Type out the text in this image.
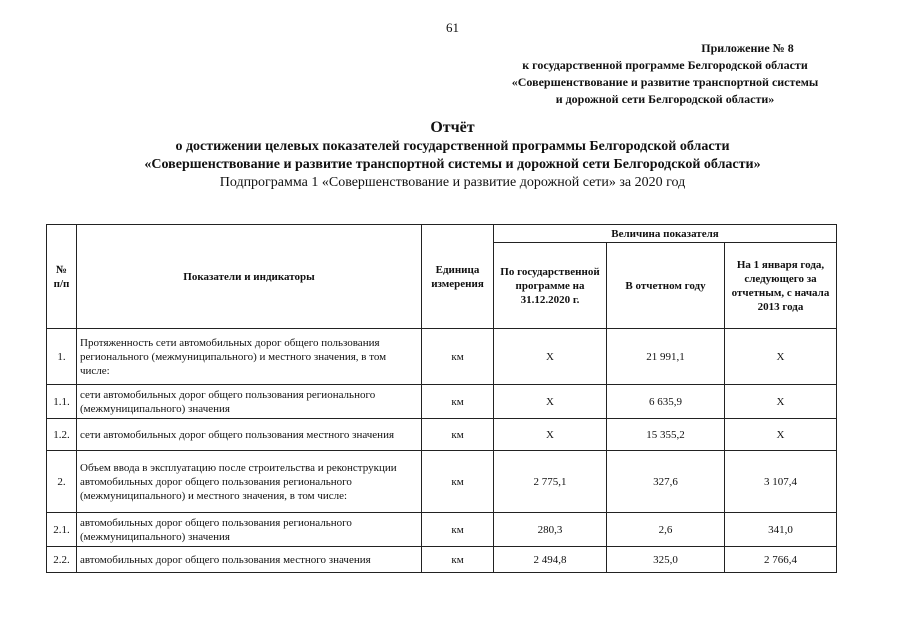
61
Приложение № 8
к государственной программе Белгородской области
«Совершенствование и развитие транспортной системы
и дорожной сети Белгородской области»
Отчёт
о достижении целевых показателей государственной программы Белгородской области
«Совершенствование и развитие транспортной системы и дорожной сети Белгородской области»
Подпрограмма 1 «Совершенствование и развитие дорожной сети» за 2020 год
№ п/п	Показатели и индикаторы	Единица измерения	Величина показателя		
			По государственной программе на 31.12.2020 г.	В отчетном году	На 1 января года, следующего за отчетным, с начала 2013 года
1.	Протяженность сети автомобильных дорог общего пользования регионального (межмуниципального) и местного значения, в том числе:	км	Х	21 991,1	Х
1.1.	сети автомобильных дорог общего пользования регионального (межмуниципального) значения	км	Х	6 635,9	Х
1.2.	сети автомобильных дорог общего пользования местного значения	км	Х	15 355,2	Х
2.	Объем ввода в эксплуатацию после строительства и реконструкции автомобильных дорог общего пользования регионального (межмуниципального) и местного значения, в том числе:	км	2 775,1	327,6	3 107,4
2.1.	автомобильных дорог общего пользования регионального (межмуниципального) значения	км	280,3	2,6	341,0
2.2.	автомобильных дорог общего пользования местного значения	км	2 494,8	325,0	2 766,4
